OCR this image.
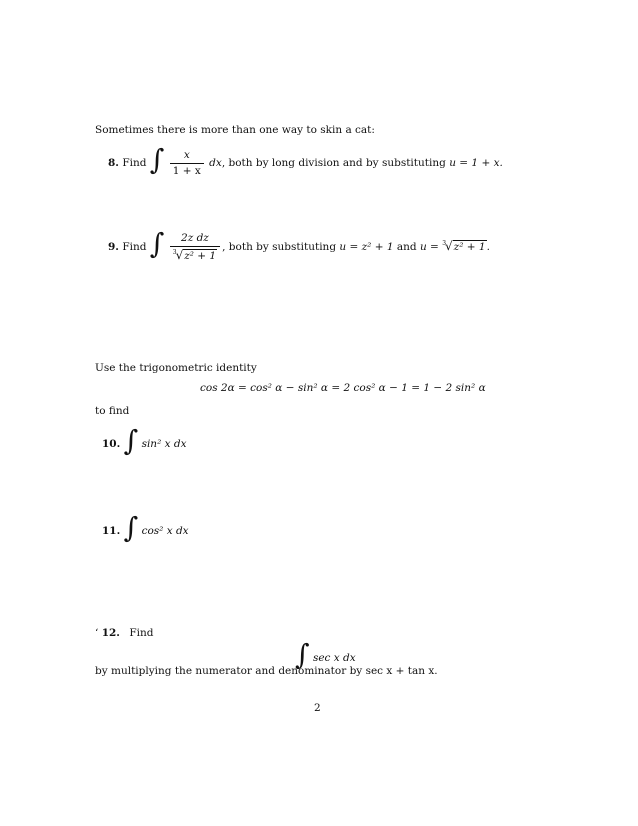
Sometimes there is more than one way to skin a cat:
8. Find ∫ $\frac{x}{1 + x}$ dx, both by long division and by substituting u = 1 + x.
9. Find ∫ $\frac{\text{2z dz}}{^3√z^2 + 1}$ , both by substituting u = z² + 1 and u = $^3$√z² + 1.
Use the trigonometric identity
cos 2α = cos² α − sin² α = 2 cos² α − 1 = 1 − 2 sin² α
to find
10. ∫ sin² x dx
11. ∫ cos² x dx
‘ 12. Find
∫ sec x dx
by multiplying the numerator and denominator by sec x + tan x.
2
